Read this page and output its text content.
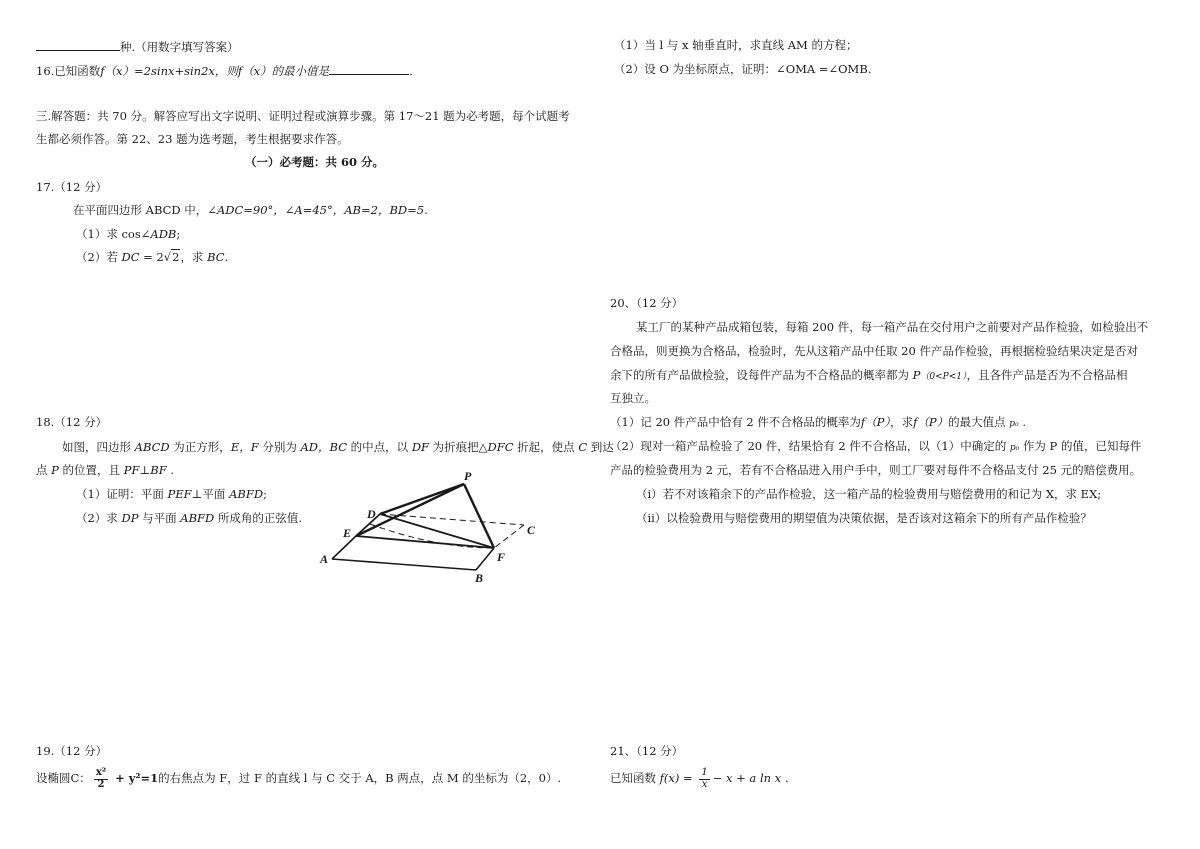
种.（用数字填写答案）
16.已知函数f（x）=2sinx+sin2x，则f（x）的最小值是	.
三.解答题：共 70 分。解答应写出文字说明、证明过程或演算步骤。第 17～21 题为必考题，每个试题考
生都必须作答。第 22、23 题为选考题，考生根据要求作答。
（一）必考题：共 60 分。
17.（12 分）
在平面四边形 ABCD 中，∠ADC=90°，∠A=45°，AB=2，BD=5.
（1）求 cos∠ADB;
（2）若 DC = 2√2，求 BC.
18.（12 分）
如图，四边形 ABCD 为正方形，E，F 分别为 AD，BC 的中点，以 DF 为折痕把△DFC 折起，使点 C 到达
点 P 的位置，且 PF⊥BF .
（1）证明：平面 PEF⊥平面 ABFD;
（2）求 DP 与平面 ABFD 所成角的正弦值.
P
D
E
A
B
F
C
19.（12 分）
设椭圆C： $\frac{\text{x²}}{2} + y^2=1$的右焦点为 F，过 F 的直线 l 与 C 交于 A，B 两点，点 M 的坐标为（2，0）.
（1）当 l 与 x 轴垂直时，求直线 AM 的方程；
（2）设 O 为坐标原点，证明：∠OMA =∠OMB.
20、（12 分）
某工厂的某种产品成箱包装，每箱 200 件，每一箱产品在交付用户之前要对产品作检验，如检验出不
合格品，则更换为合格品，检验时，先从这箱产品中任取 20 件产品作检验，再根据检验结果决定是否对
余下的所有产品做检验，设每件产品为不合格品的概率都为 P（0<P<1），且各件产品是否为不合格品相
互独立。
（1）记 20 件产品中恰有 2 件不合格品的概率为f（P），求f（P）的最大值点 p₀ .
（2）现对一箱产品检验了 20 件，结果恰有 2 件不合格品，以（1）中确定的 p₀ 作为 P 的值，已知每件
产品的检验费用为 2 元，若有不合格品进入用户手中，则工厂要对每件不合格品支付 25 元的赔偿费用。
（i）若不对该箱余下的产品作检验，这一箱产品的检验费用与赔偿费用的和记为 X，求 EX;
（ii）以检验费用与赔偿费用的期望值为决策依据，是否该对这箱余下的所有产品作检验？
21、（12 分）
已知函数 $f(x) = \frac{1}{x} - x + a$ ln x .
